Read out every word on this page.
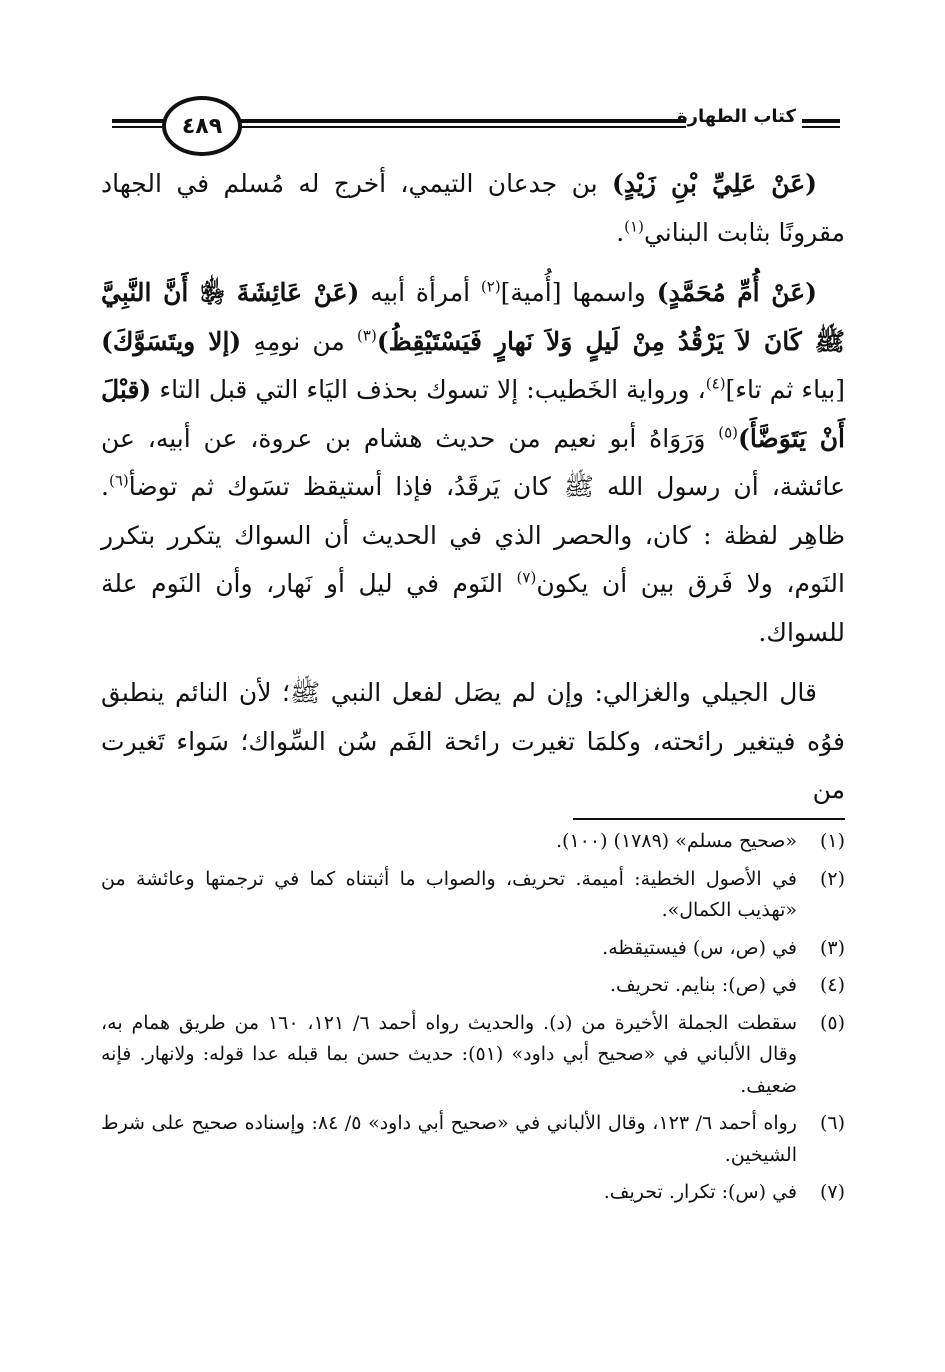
٤٨٩	كتاب الطهارة

(عَنْ عَلِيِّ بْنِ زَيْدٍ) بن جدعان التيمي، أخرج له مُسلم في الجهاد مقرونًا بثابت البناني$^{(١)}$.

(عَنْ أُمِّ مُحَمَّدٍ) واسمها [أُمية]$^{(٢)}$ أمرأة أبيه (عَنْ عَائِشَةَ ﵂ أَنَّ النَّبِيَّ ﷺ كَانَ لاَ يَرْقُدُ مِنْ لَيلٍ وَلاَ نَهارٍ فَيَسْتَيْقِظُ)$^{(٣)}$ من نومِهِ (إلا ويتَسَوَّكَ) [بياء ثم تاء]$^{(٤)}$، ورواية الخَطيب: إلا تسوك بحذف اليَاء التي قبل التاء (قبْلَ أَنْ يَتَوَضَّأَ)$^{(٥)}$ وَرَوَاهُ أبو نعيم من حديث هشام بن عروة، عن أبيه، عن عائشة، أن رسول الله ﷺ كان يَرقَدُ، فإذا أستيقظ تسَوك ثم توضأ$^{(٦)}$. ظاهِر لفظة : كان، والحصر الذي في الحديث أن السواك يتكرر بتكرر النَوم، ولا فَرق بين أن يكون$^{(٧)}$ النَوم في ليل أو نَهار، وأن النَوم علة للسواك.

قال الجيلي والغزالي: وإن لم يصَل لفعل النبي ﷺ؛ لأن النائم ينطبق فوُه فيتغير رائحته، وكلمَا تغيرت رائحة الفَم سُن السِّواك؛ سَواء تَغيرت من

(١)
«صحيح مسلم» (١٧٨٩) (١٠٠).
(٢)
في الأصول الخطية: أميمة. تحريف، والصواب ما أثبتناه كما في ترجمتها وعائشة من «تهذيب الكمال».
(٣)
في (ص، س) فيستيقظه.
(٤)
في (ص): بنايم. تحريف.
(٥)
سقطت الجملة الأخيرة من (د). والحديث رواه أحمد ٦/ ١٢١، ١٦٠ من طريق همام به، وقال الألباني في «صحيح أبي داود» (٥١): حديث حسن بما قبله عدا قوله: ولانهار. فإنه ضعيف.
(٦)
رواه أحمد ٦/ ١٢٣، وقال الألباني في «صحيح أبي داود» ٥/ ٨٤: وإسناده صحيح على شرط الشيخين.
(٧)
في (س): تكرار. تحريف.
